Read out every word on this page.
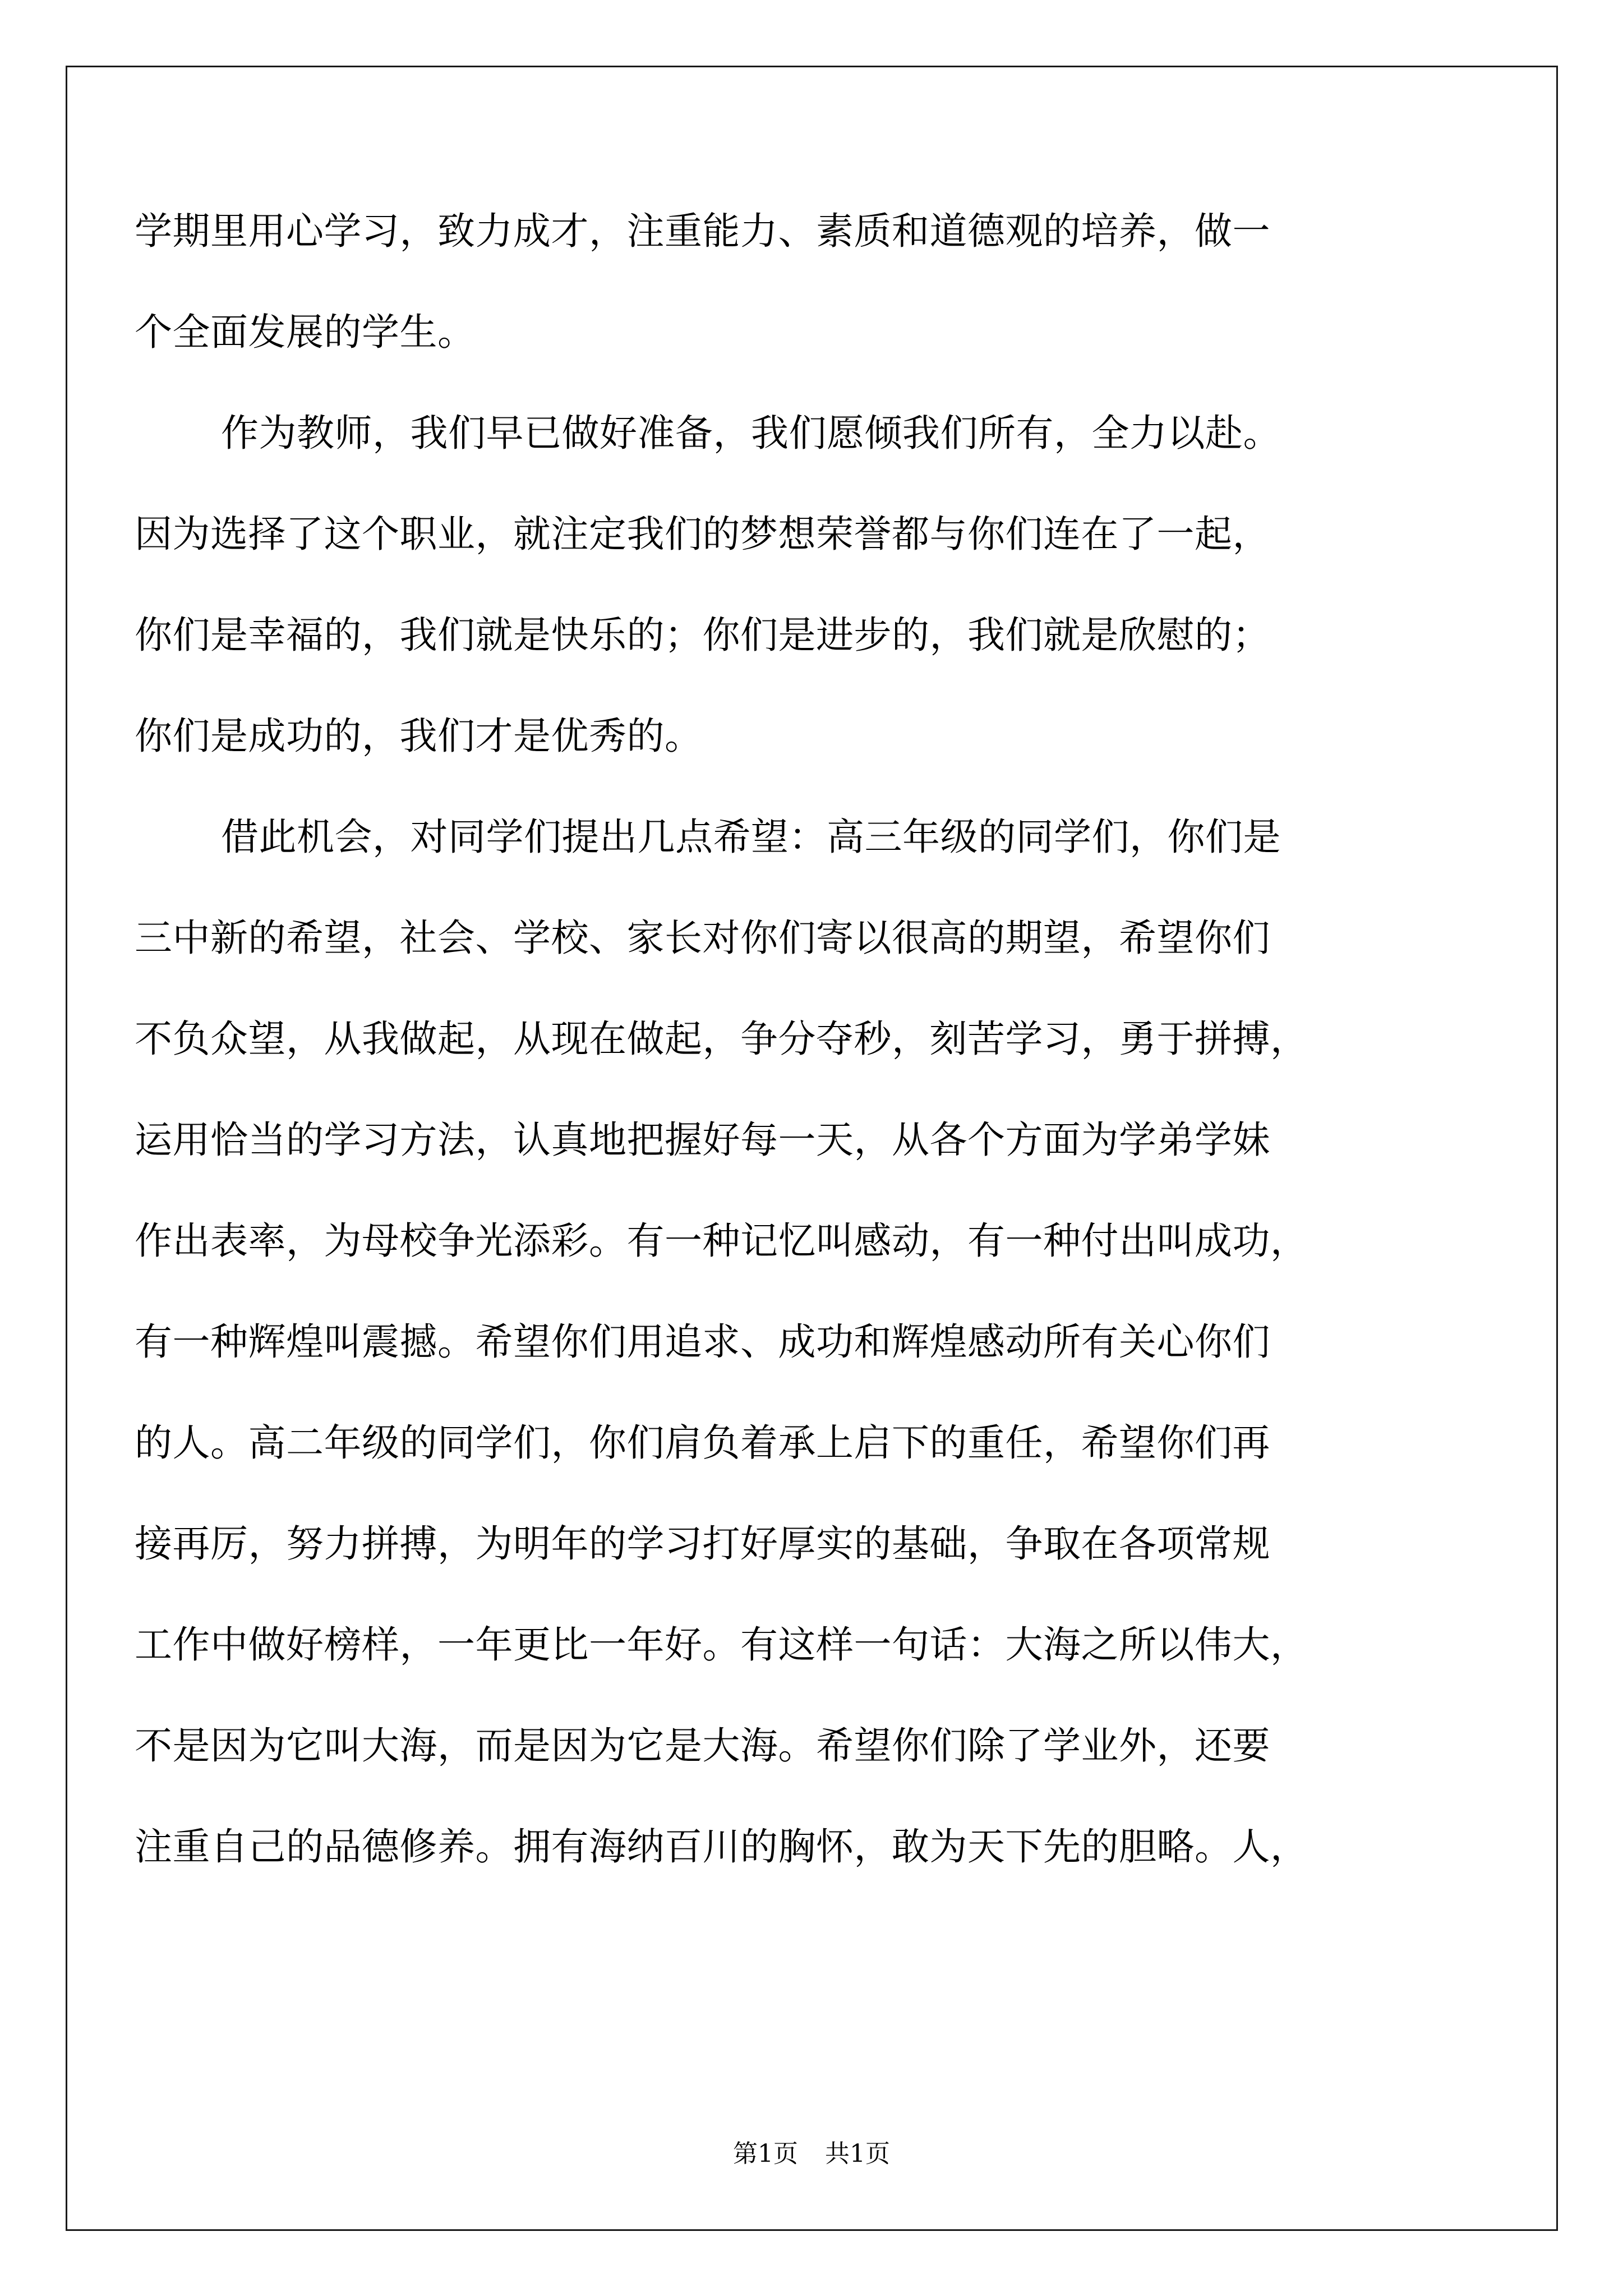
学期里用心学习，致力成才，注重能力、素质和道德观的培养，做一
个全面发展的学生。
作为教师，我们早已做好准备，我们愿倾我们所有，全力以赴。
因为选择了这个职业，就注定我们的梦想荣誉都与你们连在了一起，
你们是幸福的，我们就是快乐的；你们是进步的，我们就是欣慰的；
你们是成功的，我们才是优秀的。
借此机会，对同学们提出几点希望：高三年级的同学们，你们是
三中新的希望，社会、学校、家长对你们寄以很高的期望，希望你们
不负众望，从我做起，从现在做起，争分夺秒，刻苦学习，勇于拼搏，
运用恰当的学习方法，认真地把握好每一天，从各个方面为学弟学妹
作出表率，为母校争光添彩。有一种记忆叫感动，有一种付出叫成功，
有一种辉煌叫震撼。希望你们用追求、成功和辉煌感动所有关心你们
的人。高二年级的同学们，你们肩负着承上启下的重任，希望你们再
接再厉，努力拼搏，为明年的学习打好厚实的基础，争取在各项常规
工作中做好榜样，一年更比一年好。有这样一句话：大海之所以伟大，
不是因为它叫大海，而是因为它是大海。希望你们除了学业外，还要
注重自己的品德修养。拥有海纳百川的胸怀，敢为天下先的胆略。人，
第1页 共1页
